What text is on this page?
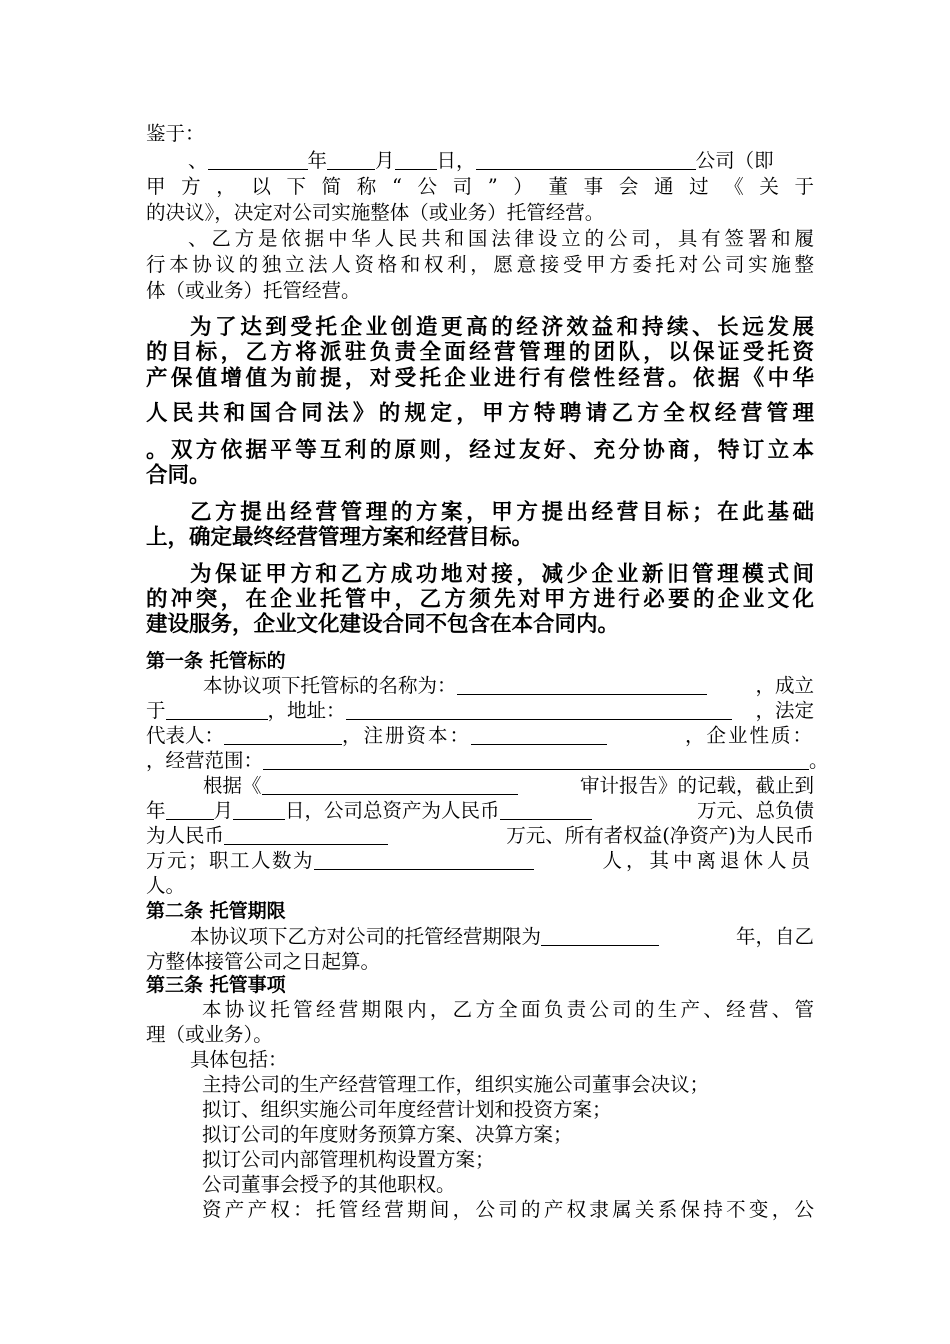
鉴于：
、	年 月 日，	公司（即
甲方，以下简称“公司”）董事会通过《关于
的决议》，决定对公司实施整体（或业务）托管经营。
、乙方是依据中华人民共和国法律设立的公司，具有签署和履
行本协议的独立法人资格和权利，愿意接受甲方委托对公司实施整
体（或业务）托管经营。
为了达到受托企业创造更高的经济效益和持续、长远发展
的目标，乙方将派驻负责全面经营管理的团队，以保证受托资
产保值增值为前提，对受托企业进行有偿性经营。依据《中华
人民共和国合同法》的规定，甲方特聘请乙方全权经营管理
。双方依据平等互利的原则，经过友好、充分协商，特订立本
合同。
乙方提出经营管理的方案，甲方提出经营目标；在此基础
上，确定最终经营管理方案和经营目标。
为保证甲方和乙方成功地对接，减少企业新旧管理模式间
的冲突，在企业托管中，乙方须先对甲方进行必要的企业文化
建设服务，企业文化建设合同不包含在本合同内。
第一条 托管标的
本协议项下托管标的名称为：	，成立
于	，地址：	，法定
代表人：	，注册资本：	，企业性质：
，经营范围：	。
根据《	审计报告》的记载，截止到
年 月	日，公司总资产为人民币	万元、总负债
为人民币	万元、所有者权益(净资产)为人民币
万元；职工人数为	人，其中离退休人员
人。
第二条 托管期限
本协议项下乙方对公司的托管经营期限为	年，自乙
方整体接管公司之日起算。
第三条 托管事项
本协议托管经营期限内，乙方全面负责公司的生产、经营、管
理（或业务）。
具体包括：
主持公司的生产经营管理工作，组织实施公司董事会决议；
拟订、组织实施公司年度经营计划和投资方案；
拟订公司的年度财务预算方案、决算方案；
拟订公司内部管理机构设置方案；
公司董事会授予的其他职权。
资产产权：托管经营期间，公司的产权隶属关系保持不变，公
